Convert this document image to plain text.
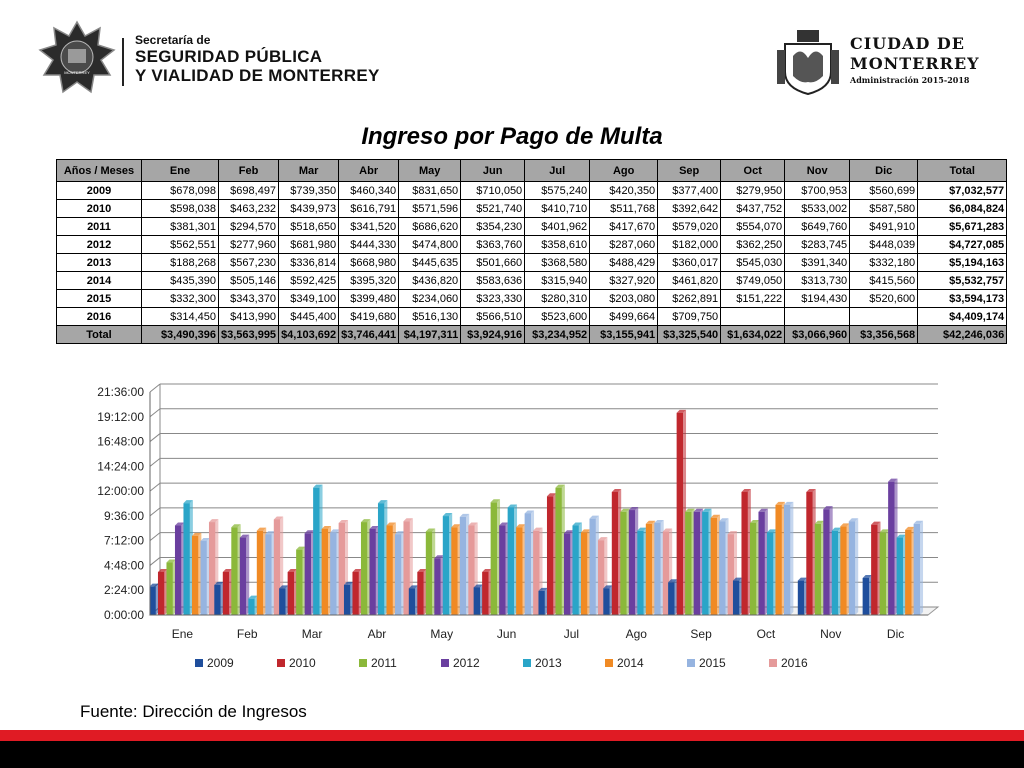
MONTERREY
Secretaría de
SEGURIDAD PÚBLICA
Y VIALIDAD DE MONTERREY
CIUDAD DE
MONTERREY
Administración 2015-2018
Ingreso por Pago de Multa
Años / Meses	Ene	Feb	Mar	Abr	May	Jun	Jul	Ago	Sep	Oct	Nov	Dic	Total
2009	$678,098	$698,497	$739,350	$460,340	$831,650	$710,050	$575,240	$420,350	$377,400	$279,950	$700,953	$560,699	$7,032,577
2010	$598,038	$463,232	$439,973	$616,791	$571,596	$521,740	$410,710	$511,768	$392,642	$437,752	$533,002	$587,580	$6,084,824
2011	$381,301	$294,570	$518,650	$341,520	$686,620	$354,230	$401,962	$417,670	$579,020	$554,070	$649,760	$491,910	$5,671,283
2012	$562,551	$277,960	$681,980	$444,330	$474,800	$363,760	$358,610	$287,060	$182,000	$362,250	$283,745	$448,039	$4,727,085
2013	$188,268	$567,230	$336,814	$668,980	$445,635	$501,660	$368,580	$488,429	$360,017	$545,030	$391,340	$332,180	$5,194,163
2014	$435,390	$505,146	$592,425	$395,320	$436,820	$583,636	$315,940	$327,920	$461,820	$749,050	$313,730	$415,560	$5,532,757
2015	$332,300	$343,370	$349,100	$399,480	$234,060	$323,330	$280,310	$203,080	$262,891	$151,222	$194,430	$520,600	$3,594,173
2016	$314,450	$413,990	$445,400	$419,680	$516,130	$566,510	$523,600	$499,664	$709,750				$4,409,174
Total	$3,490,396	$3,563,995	$4,103,692	$3,746,441	$4,197,311	$3,924,916	$3,234,952	$3,155,941	$3,325,540	$1,634,022	$3,066,960	$3,356,568	$42,246,036
0:00:00
2:24:00
4:48:00
7:12:00
9:36:00
12:00:00
14:24:00
16:48:00
19:12:00
21:36:00
Ene	Feb	Mar	Abr	May	Jun	Jul	Ago	Sep	Oct	Nov	Dic
2009	2010	2011	2012	2013	2014	2015	2016
Fuente: Dirección de Ingresos
